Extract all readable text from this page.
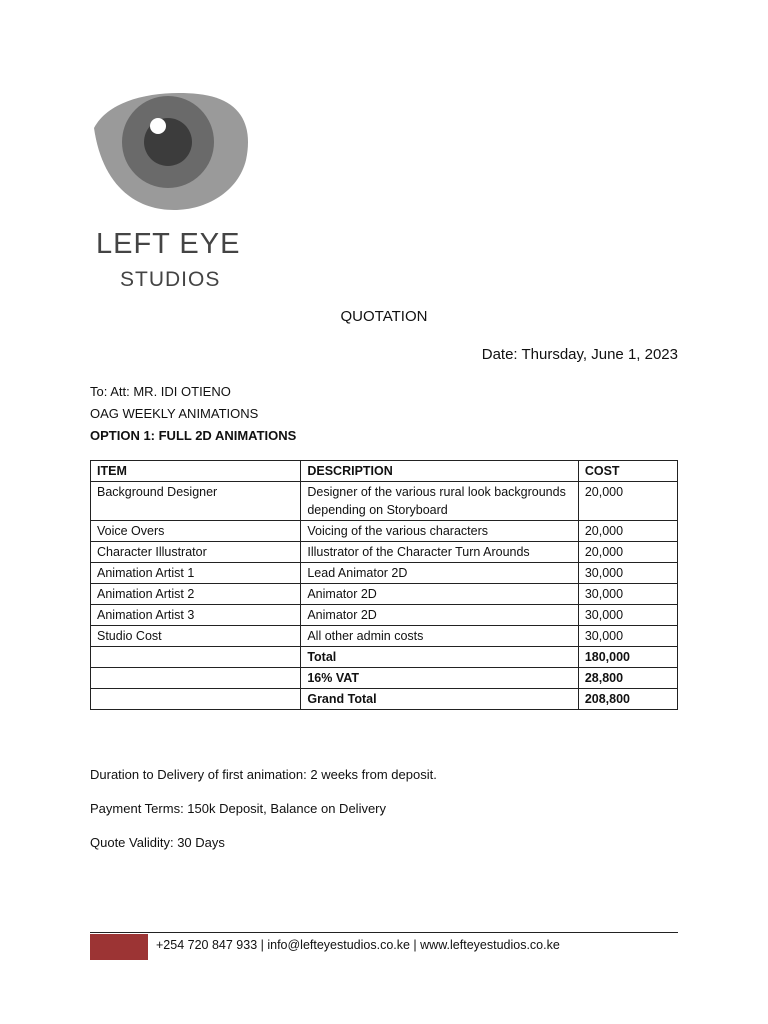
LEFT EYE
STUDIOS
QUOTATION
Date: Thursday, June 1, 2023
To: Att: MR. IDI OTIENO
OAG WEEKLY ANIMATIONS
OPTION 1: FULL 2D ANIMATIONS
ITEM	DESCRIPTION	COST
Background Designer	Designer of the various rural look backgrounds depending on Storyboard	20,000
Voice Overs	Voicing of the various characters	20,000
Character Illustrator	Illustrator of the Character Turn Arounds	20,000
Animation Artist 1	Lead Animator 2D	30,000
Animation Artist 2	Animator 2D	30,000
Animation Artist 3	Animator 2D	30,000
Studio Cost	All other admin costs	30,000
	Total	180,000
	16% VAT	28,800
	Grand Total	208,800
Duration to Delivery of first animation: 2 weeks from deposit.
Payment Terms: 150k Deposit, Balance on Delivery
Quote Validity: 30 Days
+254 720 847 933 | info@lefteyestudios.co.ke | www.lefteyestudios.co.ke
